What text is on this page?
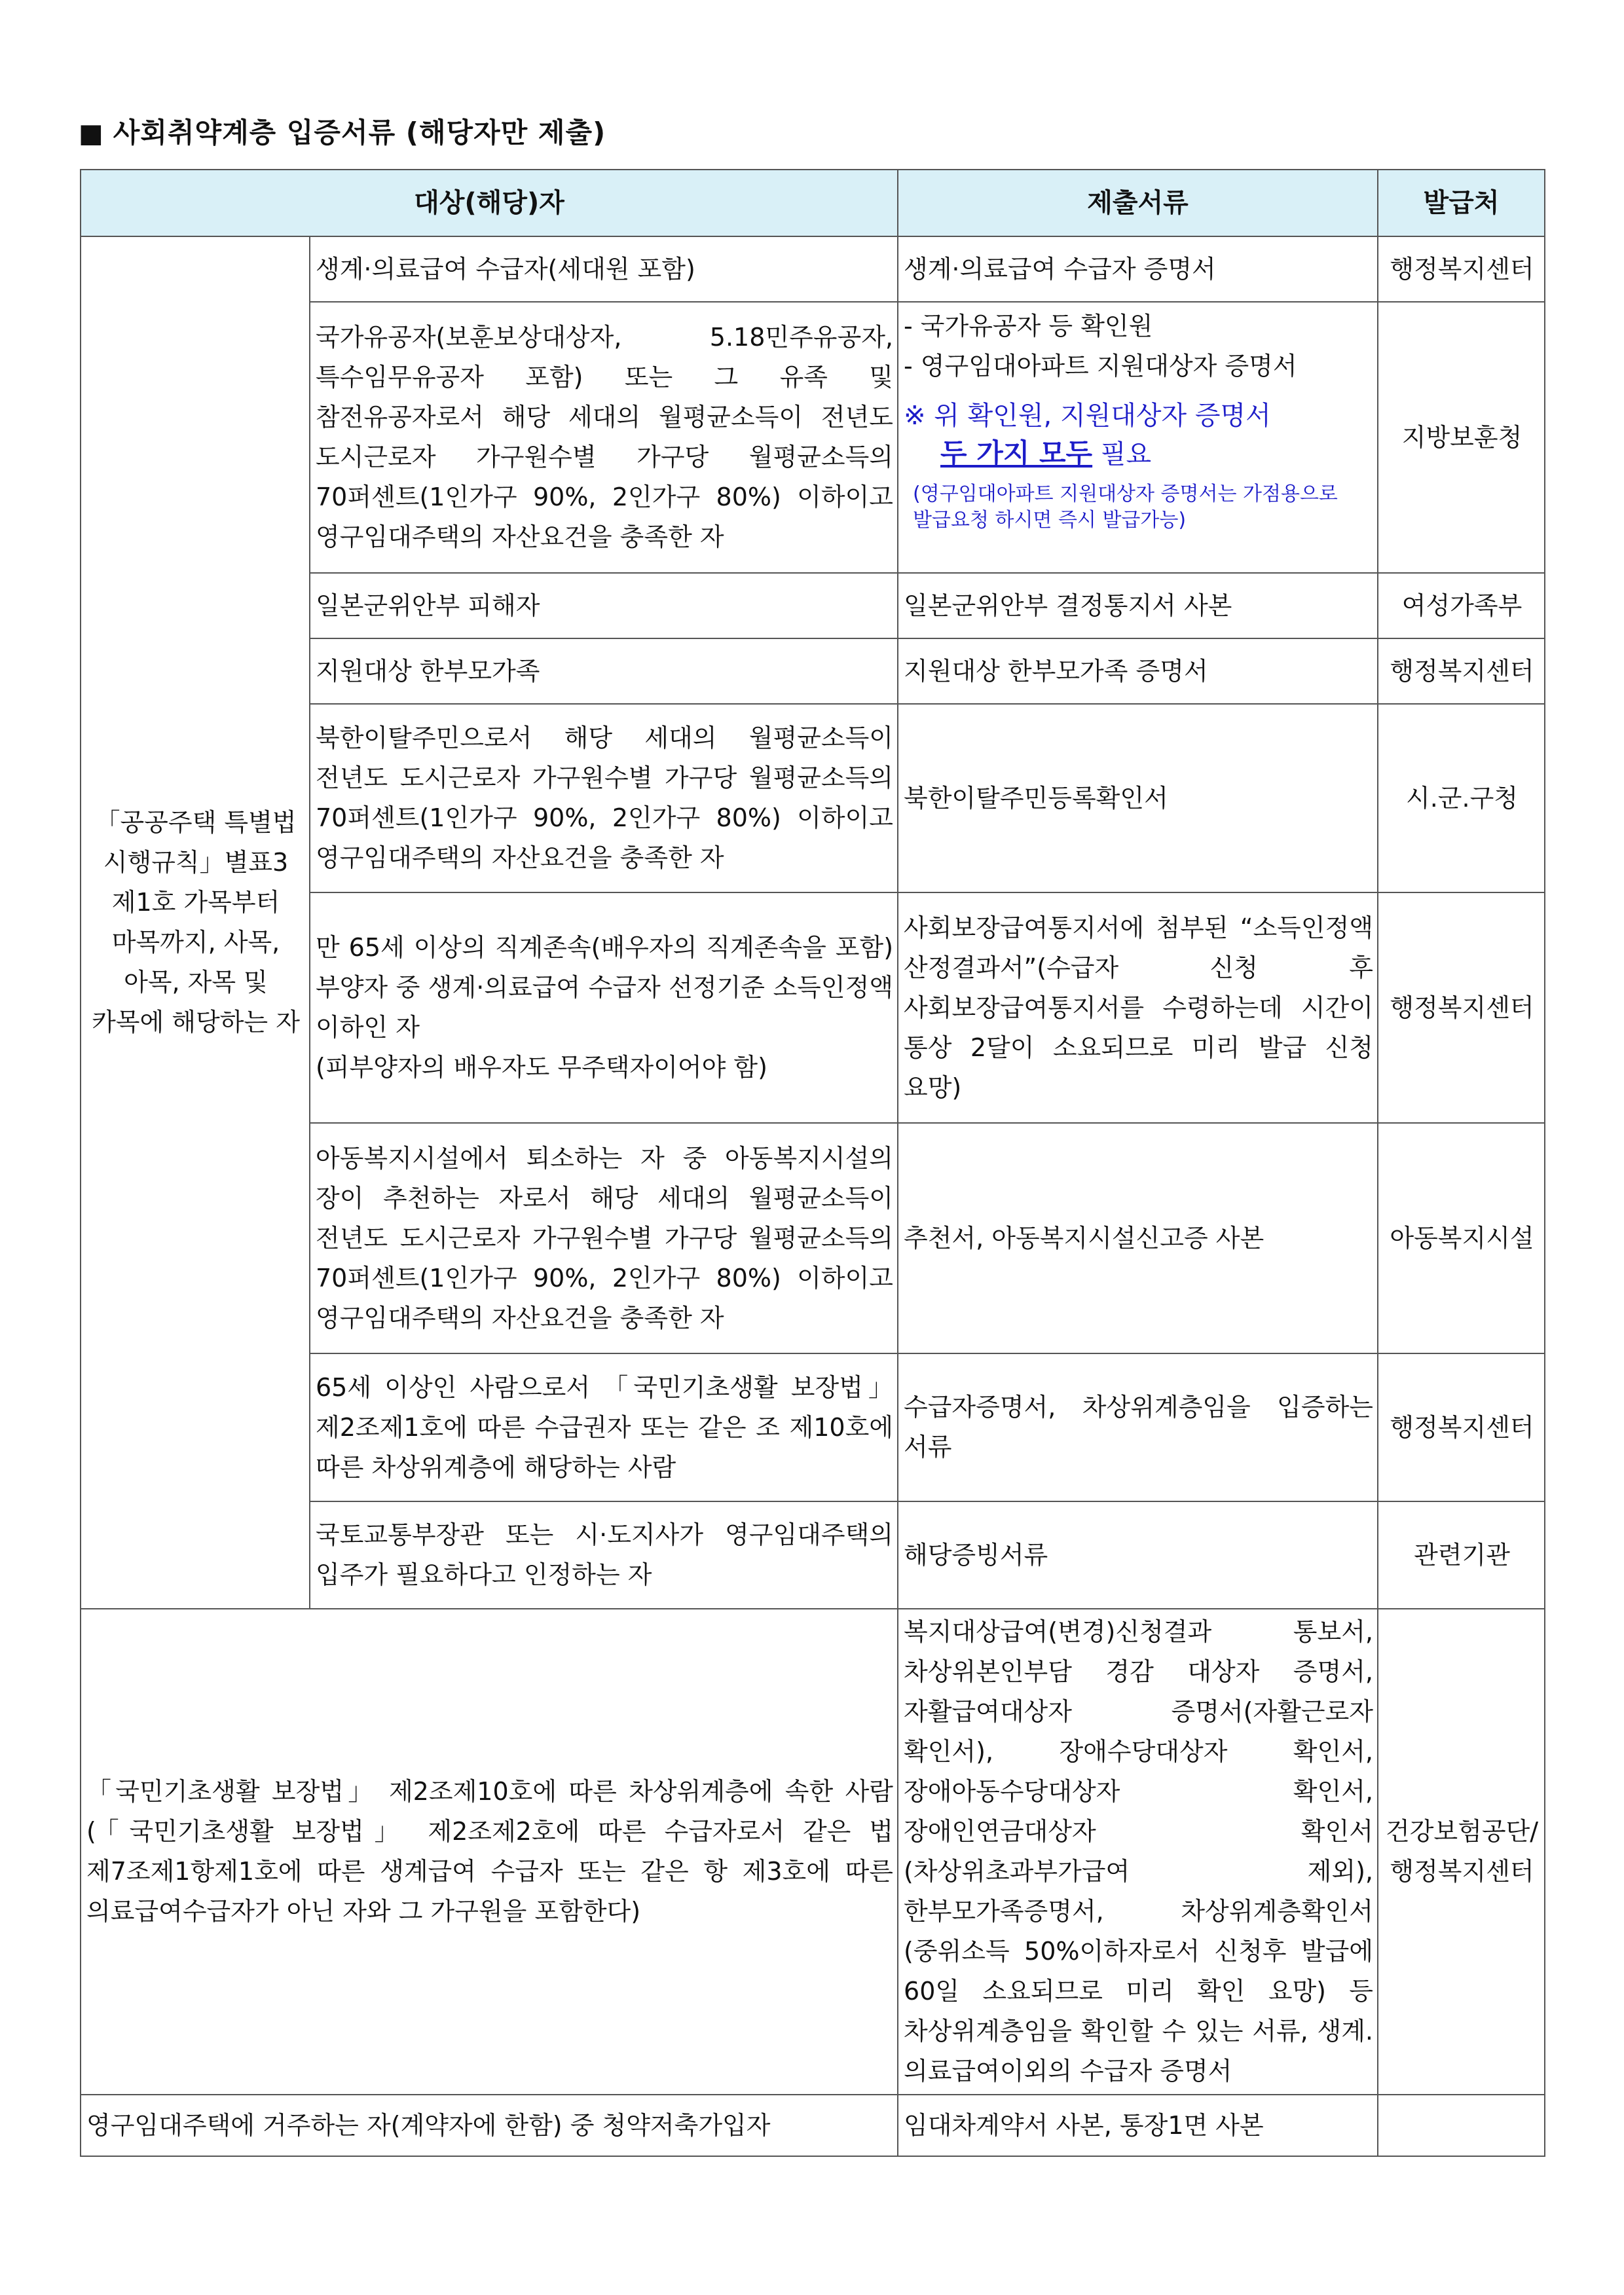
■ 사회취약계층 입증서류 (해당자만 제출)
대상(해당)자		제출서류	발급처
「공공주택 특별법 시행규칙」별표3 제1호 가목부터 마목까지, 사목, 아목, 자목 및 카목에 해당하는 자	생계·의료급여 수급자(세대원 포함)	생계·의료급여 수급자 증명서	행정복지센터
	국가유공자(보훈보상대상자, 5.18민주유공자, 특수임무유공자 포함) 또는 그 유족 및 참전유공자로서 해당 세대의 월평균소득이 전년도 도시근로자 가구원수별 가구당 월평균소득의 70퍼센트(1인가구 90%, 2인가구 80%) 이하이고 영구임대주택의 자산요건을 충족한 자	- 국가유공자 등 확인원
- 영구임대아파트 지원대상자 증명서
※ 위 확인원, 지원대상자 증명서
두 가지 모두 필요
(영구임대아파트 지원대상자 증명서는 가점용으로 발급요청 하시면 즉시 발급가능)	지방보훈청
	일본군위안부 피해자	일본군위안부 결정통지서 사본	여성가족부
	지원대상 한부모가족	지원대상 한부모가족 증명서	행정복지센터
	북한이탈주민으로서 해당 세대의 월평균소득이 전년도 도시근로자 가구원수별 가구당 월평균소득의 70퍼센트(1인가구 90%, 2인가구 80%) 이하이고 영구임대주택의 자산요건을 충족한 자	북한이탈주민등록확인서	시.군.구청
	만 65세 이상의 직계존속(배우자의 직계존속을 포함) 부양자 중 생계·의료급여 수급자 선정기준 소득인정액 이하인 자
(피부양자의 배우자도 무주택자이어야 함)	사회보장급여통지서에 첨부된 “소득인정액 산정결과서”(수급자 신청 후 사회보장급여통지서를 수령하는데 시간이 통상 2달이 소요되므로 미리 발급 신청 요망)	행정복지센터
	아동복지시설에서 퇴소하는 자 중 아동복지시설의 장이 추천하는 자로서 해당 세대의 월평균소득이 전년도 도시근로자 가구원수별 가구당 월평균소득의 70퍼센트(1인가구 90%, 2인가구 80%) 이하이고 영구임대주택의 자산요건을 충족한 자	추천서, 아동복지시설신고증 사본	아동복지시설
	65세 이상인 사람으로서 「국민기초생활 보장법」 제2조제1호에 따른 수급권자 또는 같은 조 제10호에 따른 차상위계층에 해당하는 사람	수급자증명서, 차상위계층임을 입증하는 서류	행정복지센터
	국토교통부장관 또는 시·도지사가 영구임대주택의 입주가 필요하다고 인정하는 자	해당증빙서류	관련기관
「국민기초생활 보장법」 제2조제10호에 따른 차상위계층에 속한 사람(「국민기초생활 보장법」 제2조제2호에 따른 수급자로서 같은 법 제7조제1항제1호에 따른 생계급여 수급자 또는 같은 항 제3호에 따른 의료급여수급자가 아닌 자와 그 가구원을 포함한다)		복지대상급여(변경)신청결과 통보서, 차상위본인부담 경감 대상자 증명서, 자활급여대상자 증명서(자활근로자 확인서), 장애수당대상자 확인서, 장애아동수당대상자 확인서, 장애인연금대상자 확인서(차상위초과부가급여 제외), 한부모가족증명서, 차상위계층확인서(중위소득 50%이하자로서 신청후 발급에 60일 소요되므로 미리 확인 요망) 등 차상위계층임을 확인할 수 있는 서류, 생계.의료급여이외의 수급자 증명서	건강보험공단/행정복지센터
영구임대주택에 거주하는 자(계약자에 한함) 중 청약저축가입자		임대차계약서 사본, 통장1면 사본	
